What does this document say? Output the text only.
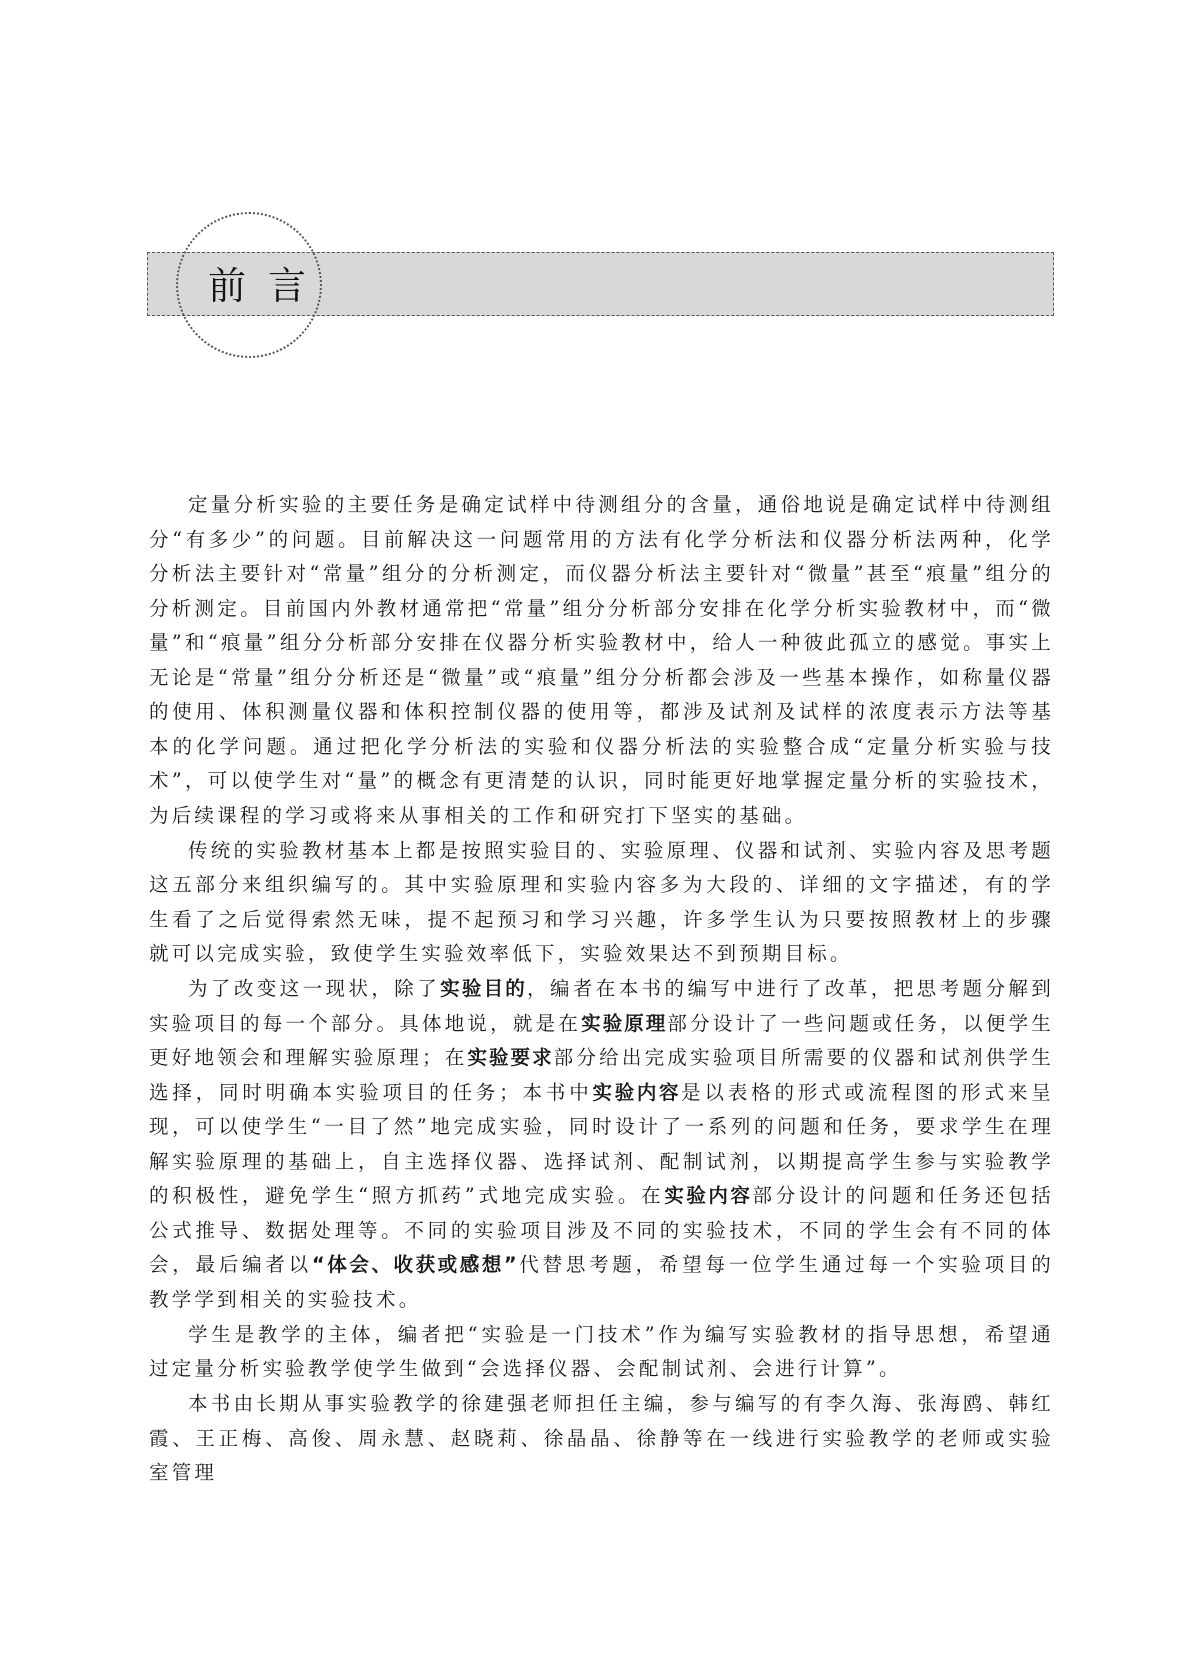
前言

定量分析实验的主要任务是确定试样中待测组分的含量，通俗地说是确定试样中待测组分“有多少”的问题。目前解决这一问题常用的方法有化学分析法和仪器分析法两种，化学分析法主要针对“常量”组分的分析测定，而仪器分析法主要针对“微量”甚至“痕量”组分的分析测定。目前国内外教材通常把“常量”组分分析部分安排在化学分析实验教材中，而“微量”和“痕量”组分分析部分安排在仪器分析实验教材中，给人一种彼此孤立的感觉。事实上无论是“常量”组分分析还是“微量”或“痕量”组分分析都会涉及一些基本操作，如称量仪器的使用、体积测量仪器和体积控制仪器的使用等，都涉及试剂及试样的浓度表示方法等基本的化学问题。通过把化学分析法的实验和仪器分析法的实验整合成“定量分析实验与技术”，可以使学生对“量”的概念有更清楚的认识，同时能更好地掌握定量分析的实验技术，为后续课程的学习或将来从事相关的工作和研究打下坚实的基础。

传统的实验教材基本上都是按照实验目的、实验原理、仪器和试剂、实验内容及思考题这五部分来组织编写的。其中实验原理和实验内容多为大段的、详细的文字描述，有的学生看了之后觉得索然无味，提不起预习和学习兴趣，许多学生认为只要按照教材上的步骤就可以完成实验，致使学生实验效率低下，实验效果达不到预期目标。

为了改变这一现状，除了实验目的，编者在本书的编写中进行了改革，把思考题分解到实验项目的每一个部分。具体地说，就是在实验原理部分设计了一些问题或任务，以便学生更好地领会和理解实验原理；在实验要求部分给出完成实验项目所需要的仪器和试剂供学生选择，同时明确本实验项目的任务；本书中实验内容是以表格的形式或流程图的形式来呈现，可以使学生“一目了然”地完成实验，同时设计了一系列的问题和任务，要求学生在理解实验原理的基础上，自主选择仪器、选择试剂、配制试剂，以期提高学生参与实验教学的积极性，避免学生“照方抓药”式地完成实验。在实验内容部分设计的问题和任务还包括公式推导、数据处理等。不同的实验项目涉及不同的实验技术，不同的学生会有不同的体会，最后编者以“体会、收获或感想”代替思考题，希望每一位学生通过每一个实验项目的教学学到相关的实验技术。

学生是教学的主体，编者把“实验是一门技术”作为编写实验教材的指导思想，希望通过定量分析实验教学使学生做到“会选择仪器、会配制试剂、会进行计算”。

本书由长期从事实验教学的徐建强老师担任主编，参与编写的有李久海、张海鸥、韩红霞、王正梅、高俊、周永慧、赵晓莉、徐晶晶、徐静等在一线进行实验教学的老师或实验室管理
